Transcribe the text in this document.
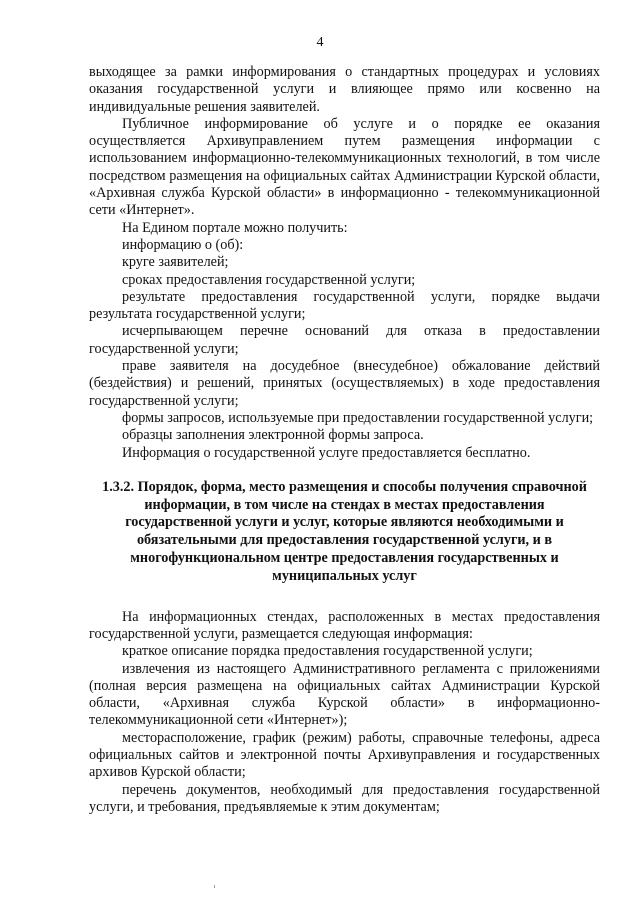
4

выходящее за рамки информирования о стандартных процедурах и условиях оказания государственной услуги и влияющее прямо или косвенно на индивидуальные решения заявителей.

Публичное информирование об услуге и о порядке ее оказания осуществляется Архивуправлением путем размещения информации с использованием информационно-телекоммуникационных технологий, в том числе посредством размещения на официальных сайтах Администрации Курской области, «Архивная служба Курской области» в информационно - телекоммуникационной сети «Интернет».

На Едином портале можно получить:

информацию о (об):

круге заявителей;

сроках предоставления государственной услуги;

результате предоставления государственной услуги, порядке выдачи результата государственной услуги;

исчерпывающем перечне оснований для отказа в предоставлении государственной услуги;

праве заявителя на досудебное (внесудебное) обжалование действий (бездействия) и решений, принятых (осуществляемых) в ходе предоставления государственной услуги;

формы запросов, используемые при предоставлении государственной услуги;

образцы заполнения электронной формы запроса.

Информация о государственной услуге предоставляется бесплатно.

1.3.2. Порядок, форма, место размещения и способы получения справочной информации, в том числе на стендах в местах предоставления государственной услуги и услуг, которые являются необходимыми и обязательными для предоставления государственной услуги, и в многофункциональном центре предоставления государственных и муниципальных услуг

На информационных стендах, расположенных в местах предоставления государственной услуги, размещается следующая информация:

краткое описание порядка предоставления государственной услуги;

извлечения из настоящего Административного регламента с приложениями (полная версия размещена на официальных сайтах Администрации Курской области, «Архивная служба Курской области» в информационно-телекоммуникационной сети «Интернет»);

месторасположение, график (режим) работы, справочные телефоны, адреса официальных сайтов и электронной почты Архивуправления и государственных архивов Курской области;

перечень документов, необходимый для предоставления государственной услуги, и требования, предъявляемые к этим документам;
